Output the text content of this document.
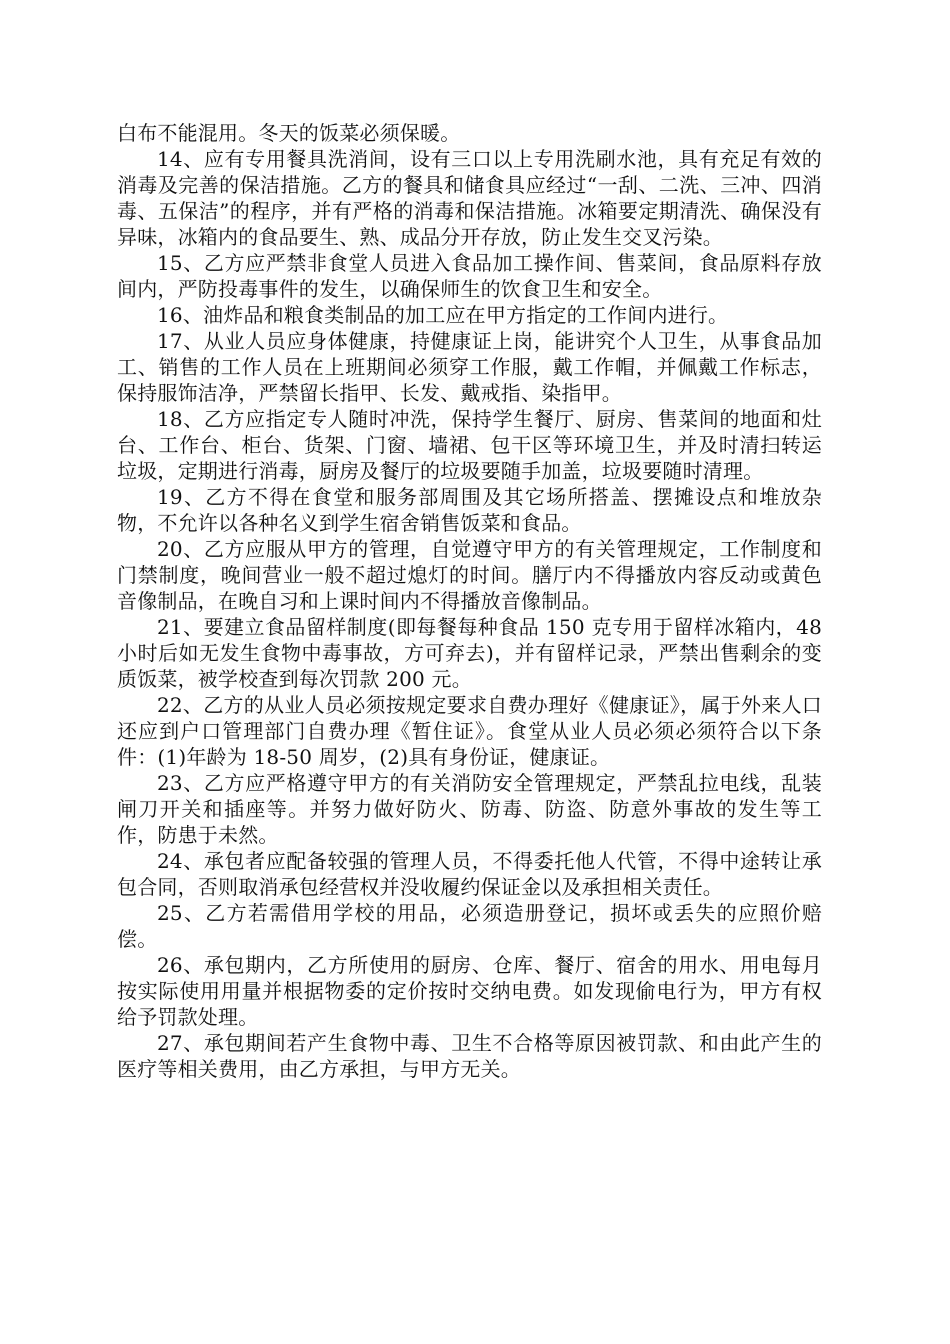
白布不能混用。冬天的饭菜必须保暖。

14、应有专用餐具洗消间，设有三口以上专用洗刷水池，具有充足有效的消毒及完善的保洁措施。乙方的餐具和储食具应经过“一刮、二洗、三冲、四消毒、五保洁”的程序，并有严格的消毒和保洁措施。冰箱要定期清洗、确保没有异味，冰箱内的食品要生、熟、成品分开存放，防止发生交叉污染。

15、乙方应严禁非食堂人员进入食品加工操作间、售菜间，食品原料存放间内，严防投毒事件的发生，以确保师生的饮食卫生和安全。

16、油炸品和粮食类制品的加工应在甲方指定的工作间内进行。

17、从业人员应身体健康，持健康证上岗，能讲究个人卫生，从事食品加工、销售的工作人员在上班期间必须穿工作服，戴工作帽，并佩戴工作标志，保持服饰洁净，严禁留长指甲、长发、戴戒指、染指甲。

18、乙方应指定专人随时冲洗，保持学生餐厅、厨房、售菜间的地面和灶台、工作台、柜台、货架、门窗、墙裙、包干区等环境卫生，并及时清扫转运垃圾，定期进行消毒，厨房及餐厅的垃圾要随手加盖，垃圾要随时清理。

19、乙方不得在食堂和服务部周围及其它场所搭盖、摆摊设点和堆放杂物，不允许以各种名义到学生宿舍销售饭菜和食品。

20、乙方应服从甲方的管理，自觉遵守甲方的有关管理规定，工作制度和门禁制度，晚间营业一般不超过熄灯的时间。膳厅内不得播放内容反动或黄色音像制品，在晚自习和上课时间内不得播放音像制品。

21、要建立食品留样制度(即每餐每种食品 150 克专用于留样冰箱内，48 小时后如无发生食物中毒事故，方可弃去)，并有留样记录，严禁出售剩余的变质饭菜，被学校查到每次罚款 200 元。

22、乙方的从业人员必须按规定要求自费办理好《健康证》，属于外来人口还应到户口管理部门自费办理《暂住证》。食堂从业人员必须必须符合以下条件：(1)年龄为 18-50 周岁，(2)具有身份证，健康证。

23、乙方应严格遵守甲方的有关消防安全管理规定，严禁乱拉电线，乱装闸刀开关和插座等。并努力做好防火、防毒、防盗、防意外事故的发生等工作，防患于未然。

24、承包者应配备较强的管理人员，不得委托他人代管，不得中途转让承包合同，否则取消承包经营权并没收履约保证金以及承担相关责任。

25、乙方若需借用学校的用品，必须造册登记，损坏或丢失的应照价赔偿。

26、承包期内，乙方所使用的厨房、仓库、餐厅、宿舍的用水、用电每月按实际使用用量并根据物委的定价按时交纳电费。如发现偷电行为，甲方有权给予罚款处理。

27、承包期间若产生食物中毒、卫生不合格等原因被罚款、和由此产生的医疗等相关费用，由乙方承担，与甲方无关。
